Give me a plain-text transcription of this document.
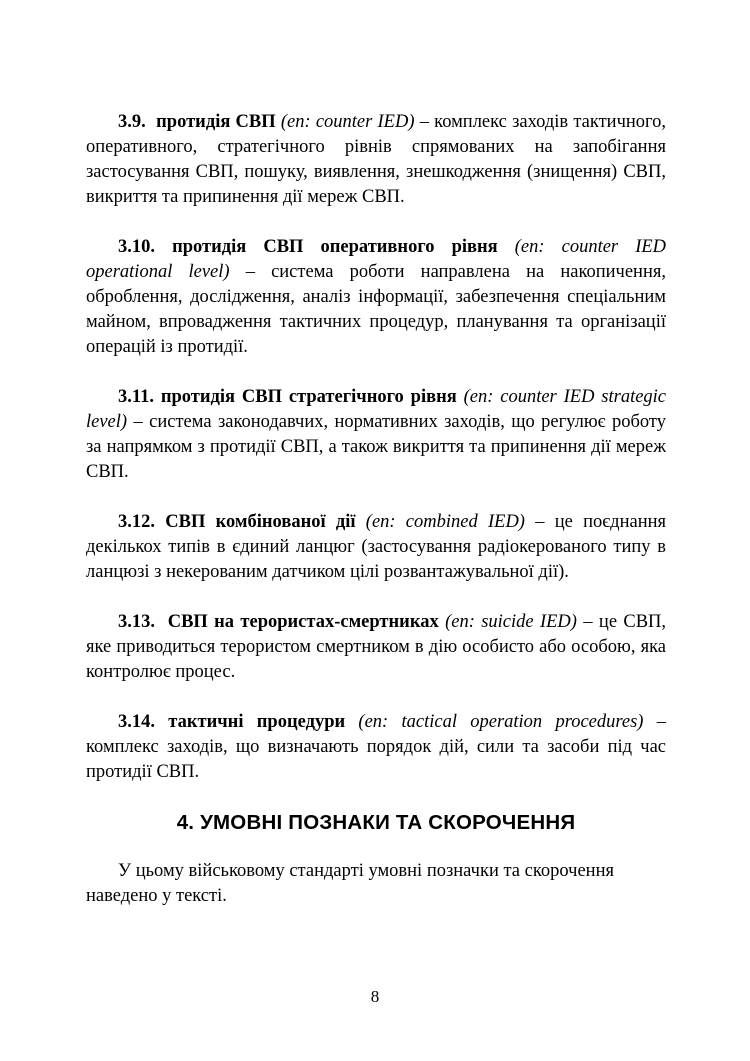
3.9. протидія СВП (en: counter IED) – комплекс заходів тактичного, оперативного, стратегічного рівнів спрямованих на запобігання застосування СВП, пошуку, виявлення, знешкодження (знищення) СВП, викриття та припинення дії мереж СВП.

3.10. протидія СВП оперативного рівня (en: counter IED operational level) – система роботи направлена на накопичення, оброблення, дослідження, аналіз інформації, забезпечення спеціальним майном, впровадження тактичних процедур, планування та організації операцій із протидії.

3.11. протидія СВП стратегічного рівня (en: counter IED strategic level) – система законодавчих, нормативних заходів, що регулює роботу за напрямком з протидії СВП, а також викриття та припинення дії мереж СВП.

3.12. СВП комбінованої дії (en: combined IED) – це поєднання декількох типів в єдиний ланцюг (застосування радіокерованого типу в ланцюзі з некерованим датчиком цілі розвантажувальної дії).

3.13. СВП на терористах-смертниках (en: suicide IED) – це СВП, яке приводиться терористом смертником в дію особисто або особою, яка контролює процес.

3.14. тактичні процедури (en: tactical operation procedures) – комплекс заходів, що визначають порядок дій, сили та засоби під час протидії СВП.

4. УМОВНІ ПОЗНАКИ ТА СКОРОЧЕННЯ

У цьому військовому стандарті умовні позначки та скорочення наведено у тексті.

8
